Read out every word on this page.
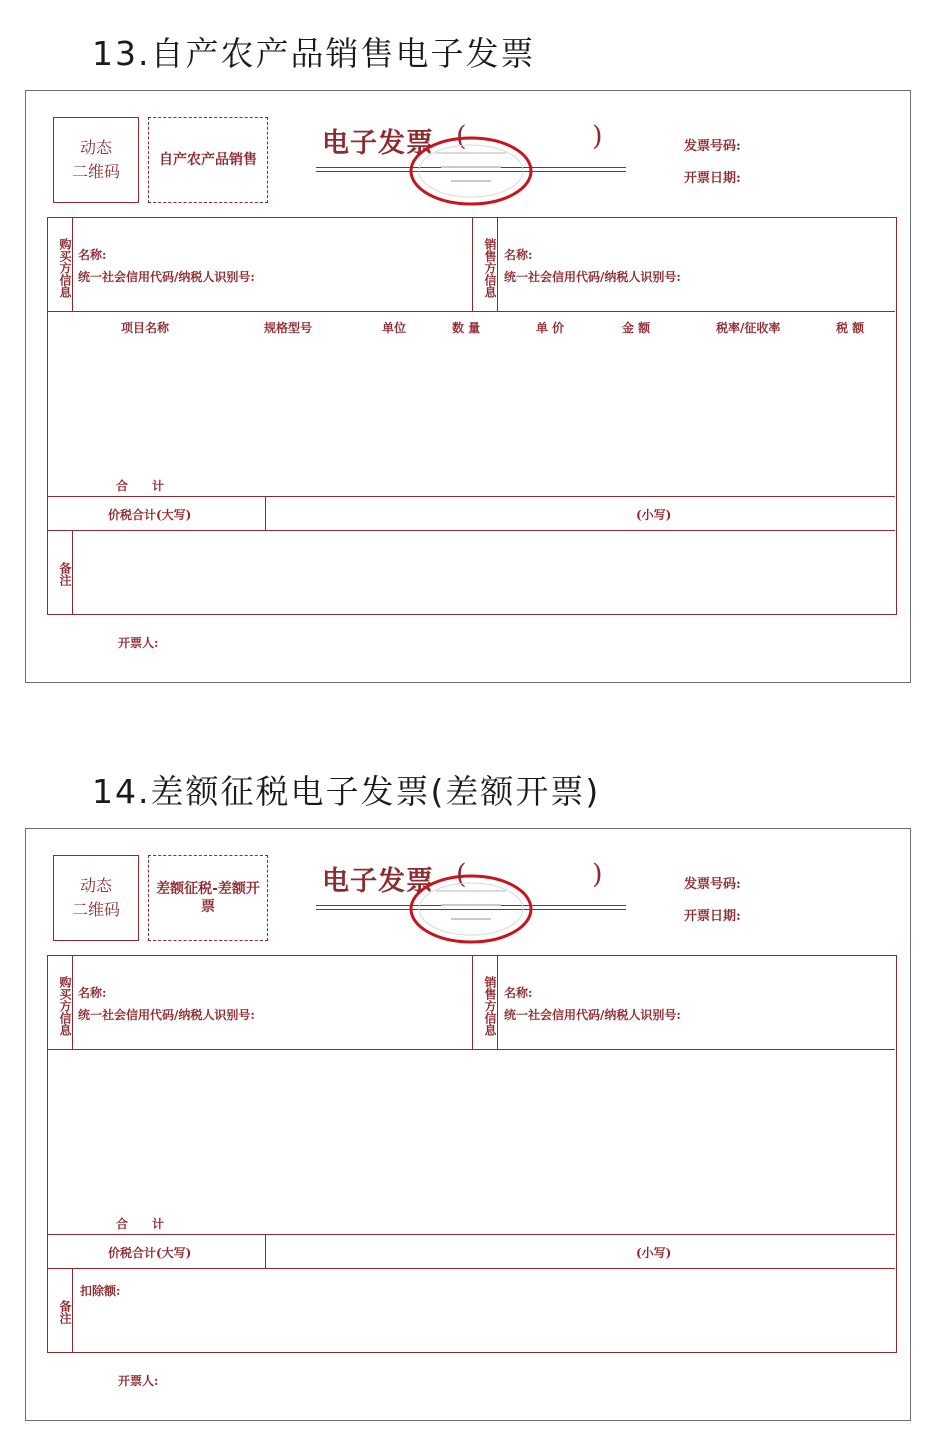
13.自产农产品销售电子发票
动态
二维码
自产农产品销售
电子发票 (	)	发票号码:
开票日期:
购买方信息 名称:
统一社会信用代码/纳税人识别号:	销售方信息 名称:
统一社会信用代码/纳税人识别号:
合　　计
价税合计(大写)	(小写)
备注
项目名称	规格型号	单位	数 量	单 价	金 额	税率/征收率	税 额
开票人:
14.差额征税电子发票(差额开票)
动态
二维码
差额征税-差额开票
电子发票 (	)	发票号码:
开票日期:
购买方信息 名称:
统一社会信用代码/纳税人识别号:	销售方信息 名称:
统一社会信用代码/纳税人识别号:
合　　计
价税合计(大写)	(小写)
备注
扣除额:
开票人:
